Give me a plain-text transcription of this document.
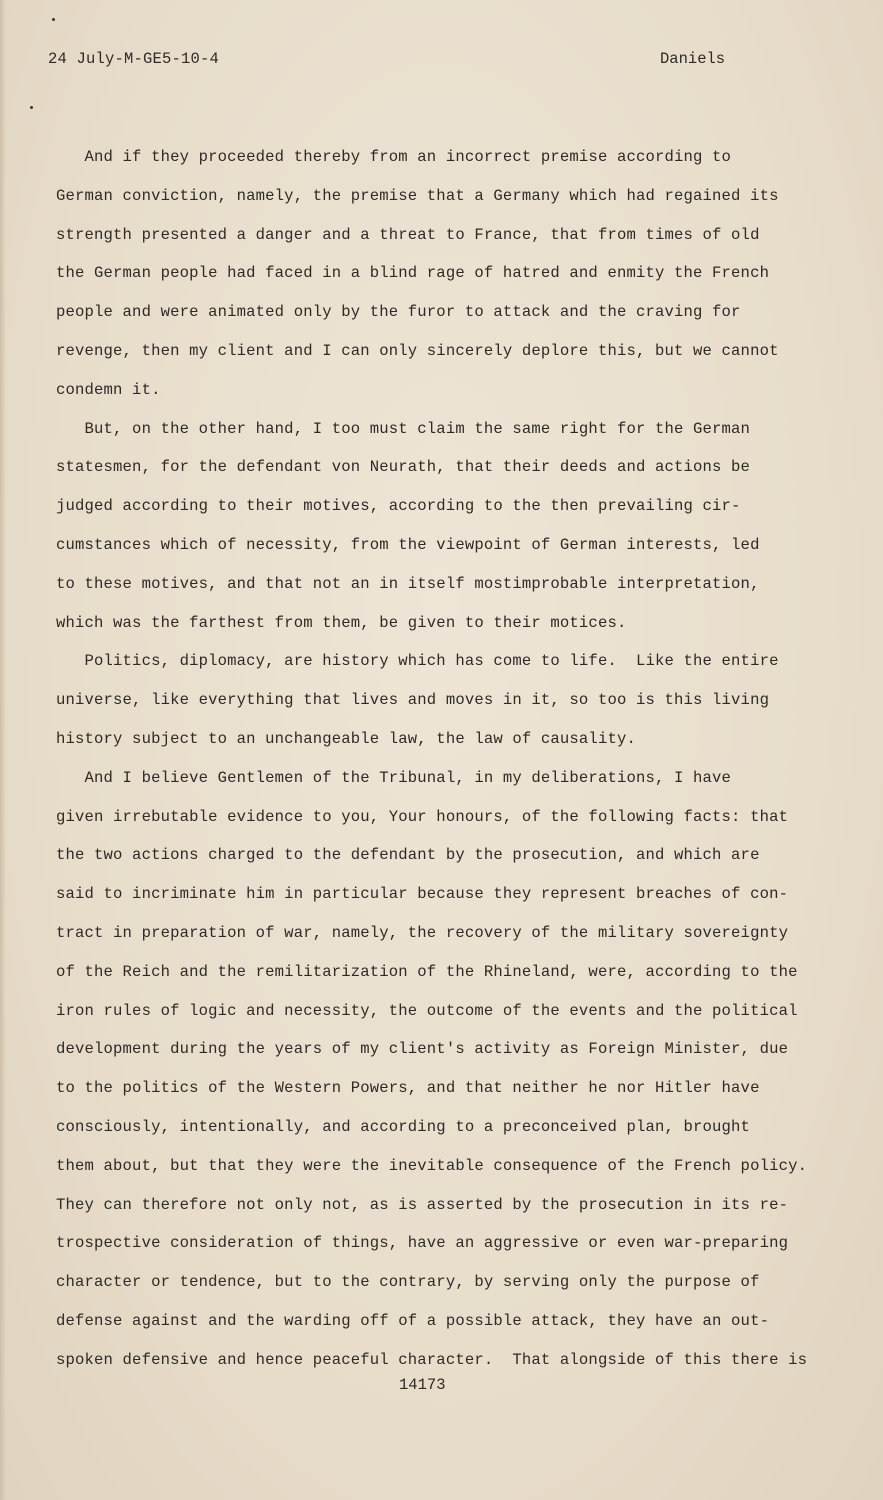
24 July-M-GE5-10-4	Daniels
And if they proceeded thereby from an incorrect premise according to
German conviction, namely, the premise that a Germany which had regained its
strength presented a danger and a threat to France, that from times of old
the German people had faced in a blind rage of hatred and enmity the French
people and were animated only by the furor to attack and the craving for
revenge, then my client and I can only sincerely deplore this, but we cannot
condemn it.
But, on the other hand, I too must claim the same right for the German
statesmen, for the defendant von Neurath, that their deeds and actions be
judged according to their motives, according to the then prevailing cir-
cumstances which of necessity, from the viewpoint of German interests, led
to these motives, and that not an in itself mostimprobable interpretation,
which was the farthest from them, be given to their motices.
Politics, diplomacy, are history which has come to life.  Like the entire
universe, like everything that lives and moves in it, so too is this living
history subject to an unchangeable law, the law of causality.
And I believe Gentlemen of the Tribunal, in my deliberations, I have
given irrebutable evidence to you, Your honours, of the following facts: that
the two actions charged to the defendant by the prosecution, and which are
said to incriminate him in particular because they represent breaches of con-
tract in preparation of war, namely, the recovery of the military sovereignty
of the Reich and the remilitarization of the Rhineland, were, according to the
iron rules of logic and necessity, the outcome of the events and the political
development during the years of my client's activity as Foreign Minister, due
to the politics of the Western Powers, and that neither he nor Hitler have
consciously, intentionally, and according to a preconceived plan, brought
them about, but that they were the inevitable consequence of the French policy.
They can therefore not only not, as is asserted by the prosecution in its re-
trospective consideration of things, have an aggressive or even war-preparing
character or tendence, but to the contrary, by serving only the purpose of
defense against and the warding off of a possible attack, they have an out-
spoken defensive and hence peaceful character.  That alongside of this there is
14173
